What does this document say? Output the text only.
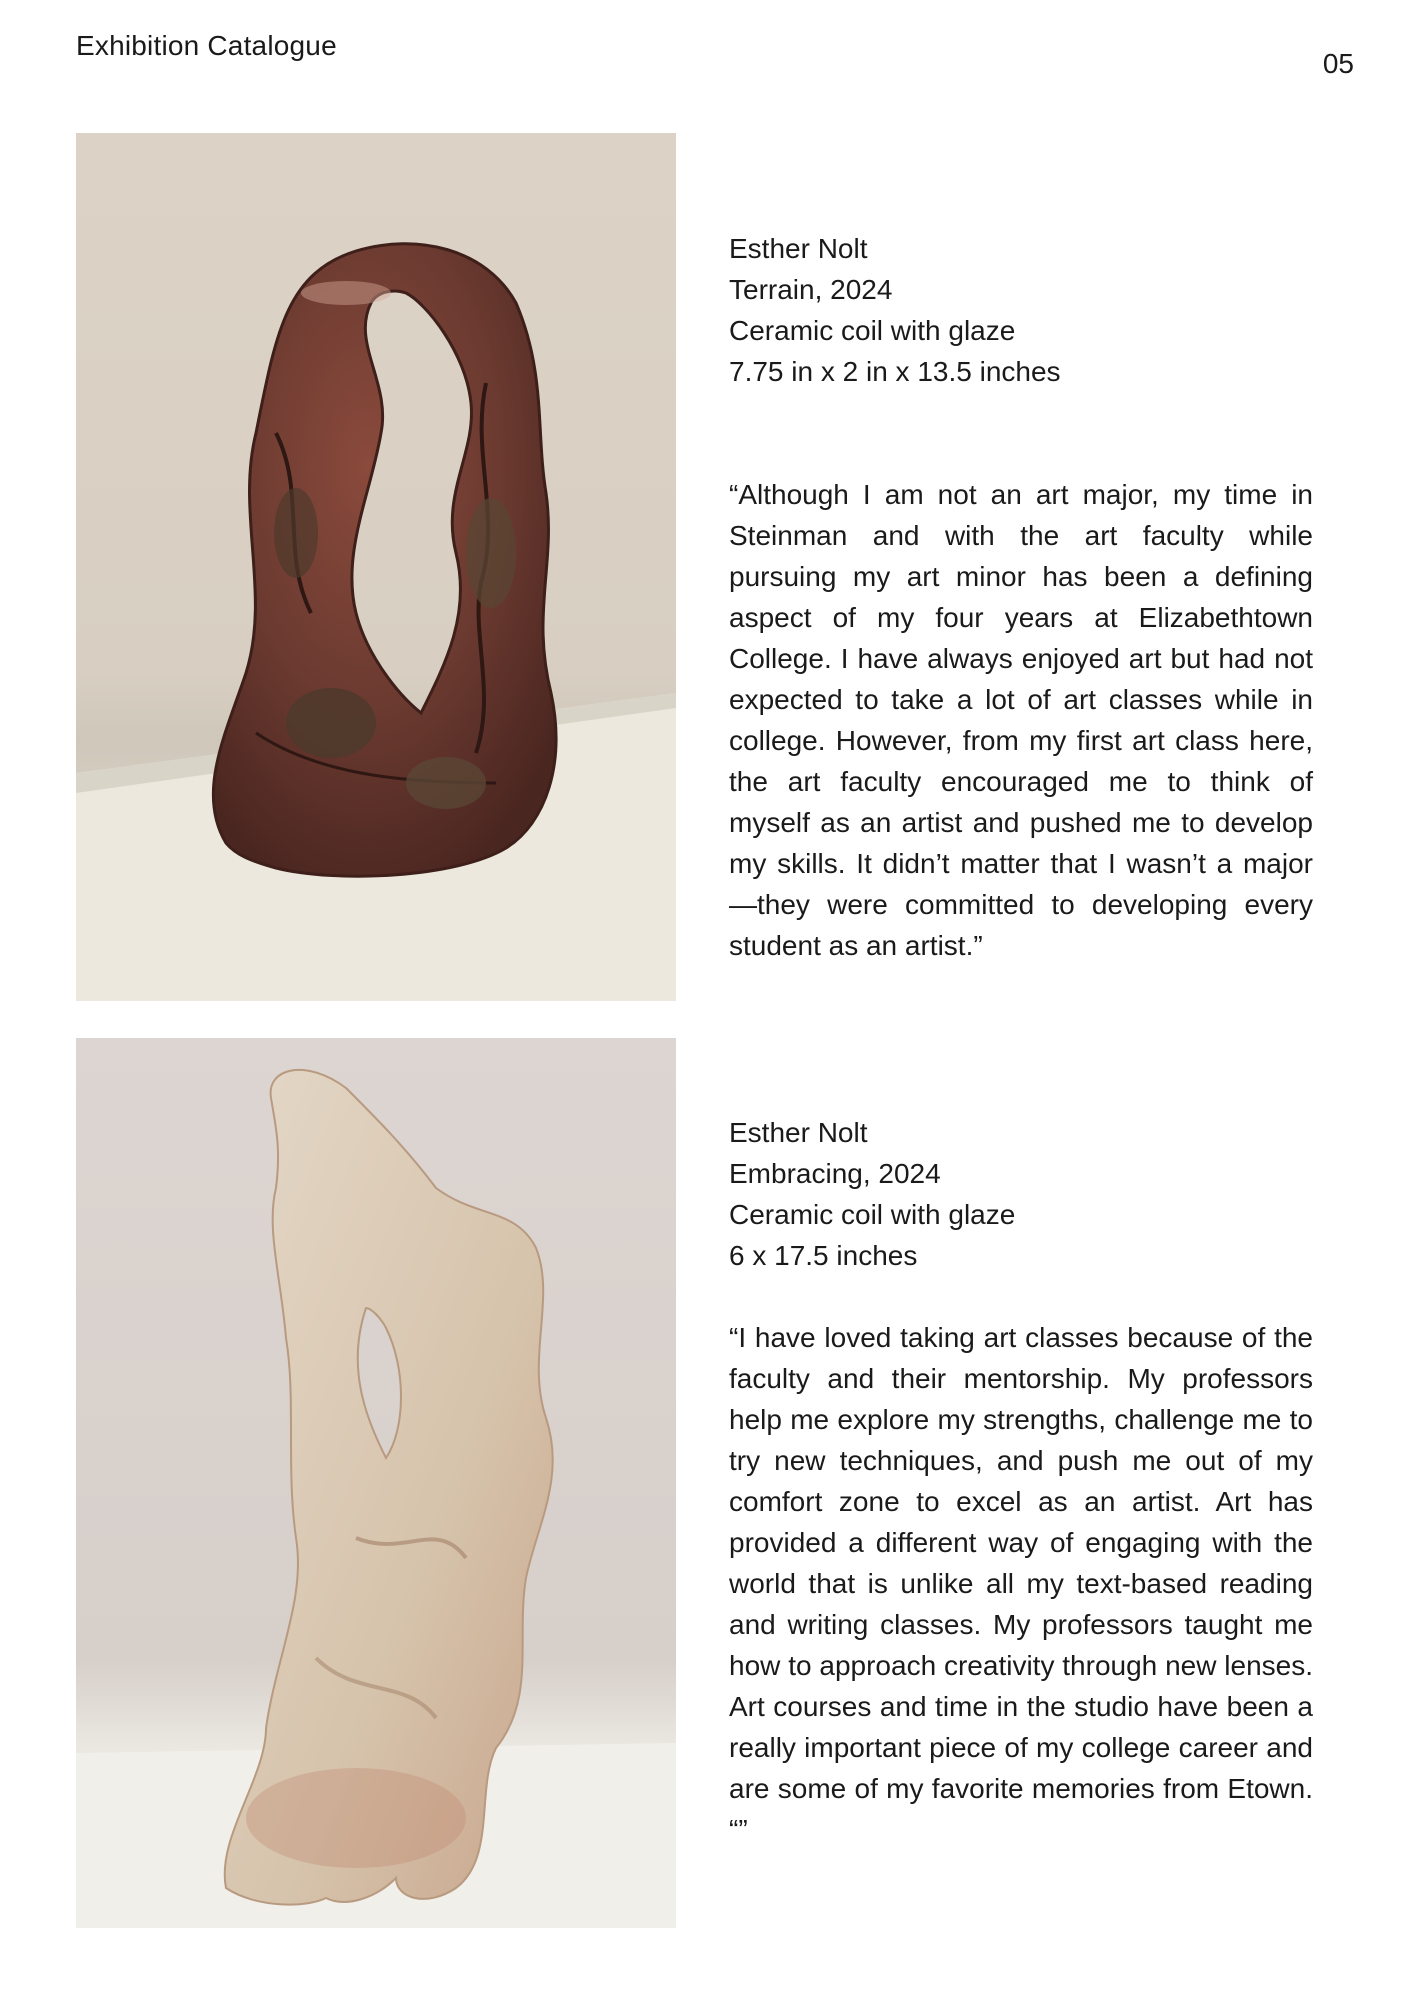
Exhibition Catalogue
05
Esther Nolt
Terrain, 2024
Ceramic coil with glaze
7.75 in x 2 in x 13.5 inches
“Although I am not an art major, my time in Steinman and with the art faculty while pursuing my art minor has been a defining aspect of my four years at Elizabethtown College. I have always enjoyed art but had not expected to take a lot of art classes while in college. However, from my first art class here, the art faculty encouraged me to think of myself as an artist and pushed me to develop my skills. It didn’t matter that I wasn’t a major—they were committed to developing every student as an artist.”
Esther Nolt
Embracing, 2024
Ceramic coil with glaze
6 x 17.5 inches
“I have loved taking art classes because of the faculty and their mentorship. My professors help me explore my strengths, challenge me to try new techniques, and push me out of my comfort zone to excel as an artist. Art has provided a different way of engaging with the world that is unlike all my text-based reading and writing classes. My professors taught me how to approach creativity through new lenses. Art courses and time in the studio have been a really important piece of my college career and are some of my favorite memories from Etown. “”
